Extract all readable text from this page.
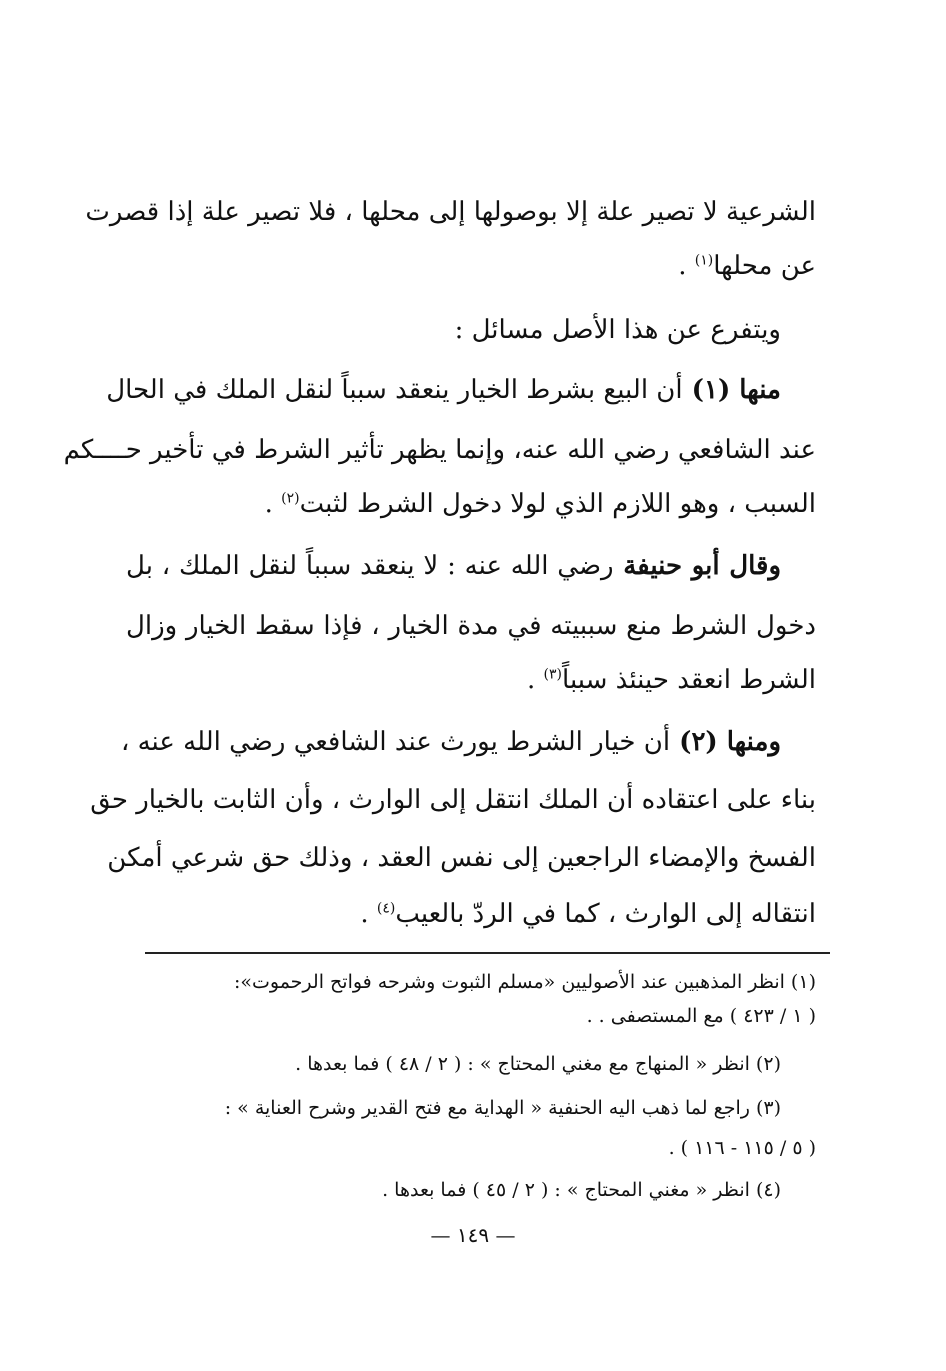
الشرعية لا تصير علة إلا بوصولها إلى محلها ، فلا تصير علة إذا قصرت
عن محلها$^{(١)}$ .
ويتفرع عن هذا الأصل مسائل :
منها (١) أن البيع بشرط الخيار ينعقد سبباً لنقل الملك في الحال
عند الشافعي رضي الله عنه، وإنما يظهر تأثير الشرط في تأخير حــــكم
السبب ، وهو اللازم الذي لولا دخول الشرط لثبت$^{(٢)}$ .
وقال أبو حنيفة رضي الله عنه : لا ينعقد سبباً لنقل الملك ، بل
دخول الشرط منع سببيته في مدة الخيار ، فإذا سقط الخيار وزال
الشرط انعقد حينئذ سبباً$^{(٣)}$ .
ومنها (٢) أن خيار الشرط يورث عند الشافعي رضي الله عنه ،
بناء على اعتقاده أن الملك انتقل إلى الوارث ، وأن الثابت بالخيار حق
الفسخ والإمضاء الراجعين إلى نفس العقد ، وذلك حق شرعي أمكن
انتقاله إلى الوارث ، كما في الردّ بالعيب$^{(٤)}$ .
(١) انظر المذهبين عند الأصوليين «مسلم الثبوت وشرحه فواتح الرحموت»:
( ١ / ٤٢٣ ) مع المستصفى . .
(٢) انظر « المنهاج مع مغني المحتاج » : ( ٢ / ٤٨ ) فما بعدها .
(٣) راجع لما ذهب اليه الحنفية « الهداية مع فتح القدير وشرح العناية » :
( ٥ / ١١٥ - ١١٦ ) .
(٤) انظر « مغني المحتاج » : ( ٢ / ٤٥ ) فما بعدها .
— ١٤٩ —
